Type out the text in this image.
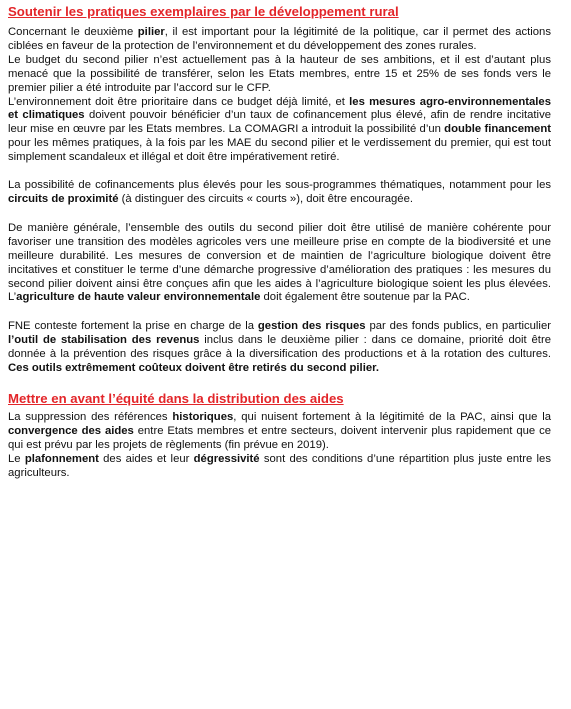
Soutenir les pratiques exemplaires par le développement rural

Concernant le deuxième pilier, il est important pour la légitimité de la politique, car il permet des actions ciblées en faveur de la protection de l’environnement et du développement des zones rurales.

Le budget du second pilier n’est actuellement pas à la hauteur de ses ambitions, et il est d’autant plus menacé que la possibilité de transférer, selon les Etats membres, entre 15 et 25% de ses fonds vers le premier pilier a été introduite par l’accord sur le CFP.

L’environnement doit être prioritaire dans ce budget déjà limité, et les mesures agro-environnementales et climatiques doivent pouvoir bénéficier d’un taux de cofinancement plus élevé, afin de rendre incitative leur mise en œuvre par les Etats membres. La COMAGRI a introduit la possibilité d’un double financement pour les mêmes pratiques, à la fois par les MAE du second pilier et le verdissement du premier, qui est tout simplement scandaleux et illégal et doit être impérativement retiré.

La possibilité de cofinancements plus élevés pour les sous-programmes thématiques, notamment pour les circuits de proximité (à distinguer des circuits « courts »), doit être encouragée.

De manière générale, l’ensemble des outils du second pilier doit être utilisé de manière cohérente pour favoriser une transition des modèles agricoles vers une meilleure prise en compte de la biodiversité et une meilleure durabilité. Les mesures de conversion et de maintien de l’agriculture biologique doivent être incitatives et constituer le terme d’une démarche progressive d’amélioration des pratiques : les mesures du second pilier doivent ainsi être conçues afin que les aides à l’agriculture biologique soient les plus élevées. L’agriculture de haute valeur environnementale doit également être soutenue par la PAC.

FNE conteste fortement la prise en charge de la gestion des risques par des fonds publics, en particulier l’outil de stabilisation des revenus inclus dans le deuxième pilier : dans ce domaine, priorité doit être donnée à la prévention des risques grâce à la diversification des productions et à la rotation des cultures. Ces outils extrêmement coûteux doivent être retirés du second pilier.

Mettre en avant l’équité dans la distribution des aides

La suppression des références historiques, qui nuisent fortement à la légitimité de la PAC, ainsi que la convergence des aides entre Etats membres et entre secteurs, doivent intervenir plus rapidement que ce qui est prévu par les projets de règlements (fin prévue en 2019).

Le plafonnement des aides et leur dégressivité sont des conditions d’une répartition plus juste entre les agriculteurs.
